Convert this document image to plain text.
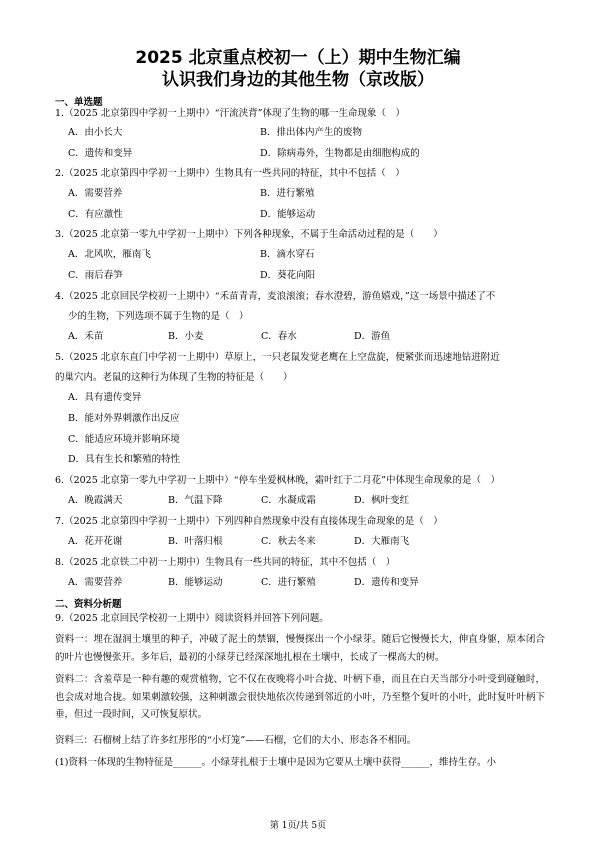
2025 北京重点校初一（上）期中生物汇编
认识我们身边的其他生物（京改版）
一、单选题
1.（2025 北京第四中学初一上期中）“汗流浃背”体现了生物的哪一生命现象（　）
A．由小长大	B．排出体内产生的废物
C．遗传和变异	D．除病毒外，生物都是由细胞构成的
2.（2025 北京第四中学初一上期中）生物具有一些共同的特征，其中不包括（　）
A．需要营养	B．进行繁殖
C．有应激性	D．能够运动
3.（2025 北京第一零九中学初一上期中）下列各种现象，不属于生命活动过程的是（　　）
A．北风吹，雁南飞	B．滴水穿石
C．雨后春笋	D．葵花向阳
4.（2025 北京回民学校初一上期中）“禾苗青青，麦浪滚滚；春水澄碧，游鱼嬉戏，”这一场景中描述了不
少的生物，下列选项不属于生物的是（　）
A．禾苗	B．小麦	C．春水	D．游鱼
5.（2025 北京东直门中学初一上期中）草原上，一只老鼠发觉老鹰在上空盘旋，便紧张而迅速地钻进附近
的巢穴内。老鼠的这种行为体现了生物的特征是（　　）
A．具有遗传变异
B．能对外界刺激作出反应
C．能适应环境并影响环境
D．具有生长和繁殖的特性
6.（2025 北京第一零九中学初一上期中）“停车坐爱枫林晚，霜叶红于二月花”中体现生命现象的是（　）
A．晚霞满天	B．气温下降	C．水凝成霜	D．枫叶变红
7.（2025 北京第四中学初一上期中）下列四种自然现象中没有直接体现生命现象的是（　）
A．花开花谢	B．叶落归根	C．秋去冬来	D．大雁南飞
8.（2025 北京铁二中初一上期中）生物具有一些共同的特征，其中不包括（　）
A．需要营养	B．能够运动	C．进行繁殖	D．遗传和变异
二、资料分析题
9.（2025 北京回民学校初一上期中）阅读资料并回答下列问题。
资料一：埋在湿润土壤里的种子，冲破了泥土的禁锢，慢慢探出一个小绿芽。随后它慢慢长大，伸直身躯，原本闭合的叶片也慢慢张开。多年后，最初的小绿芽已经深深地扎根在土壤中，长成了一棵高大的树。
资料二：含羞草是一种有趣的观赏植物，它不仅在夜晚将小叶合拢、叶柄下垂，而且在白天当部分小叶受到碰触时，也会成对地合拢。如果刺激较强，这种刺激会很快地依次传递到邻近的小叶，乃至整个复叶的小叶，此时复叶叶柄下垂，但过一段时间，又可恢复原状。
资料三：石榴树上结了许多红彤彤的“小灯笼”——石榴，它们的大小、形态各不相同。
(1)资料一体现的生物特征是______。小绿芽扎根于土壤中是因为它要从土壤中获得______，维持生存。小
第 1页/共 5页
